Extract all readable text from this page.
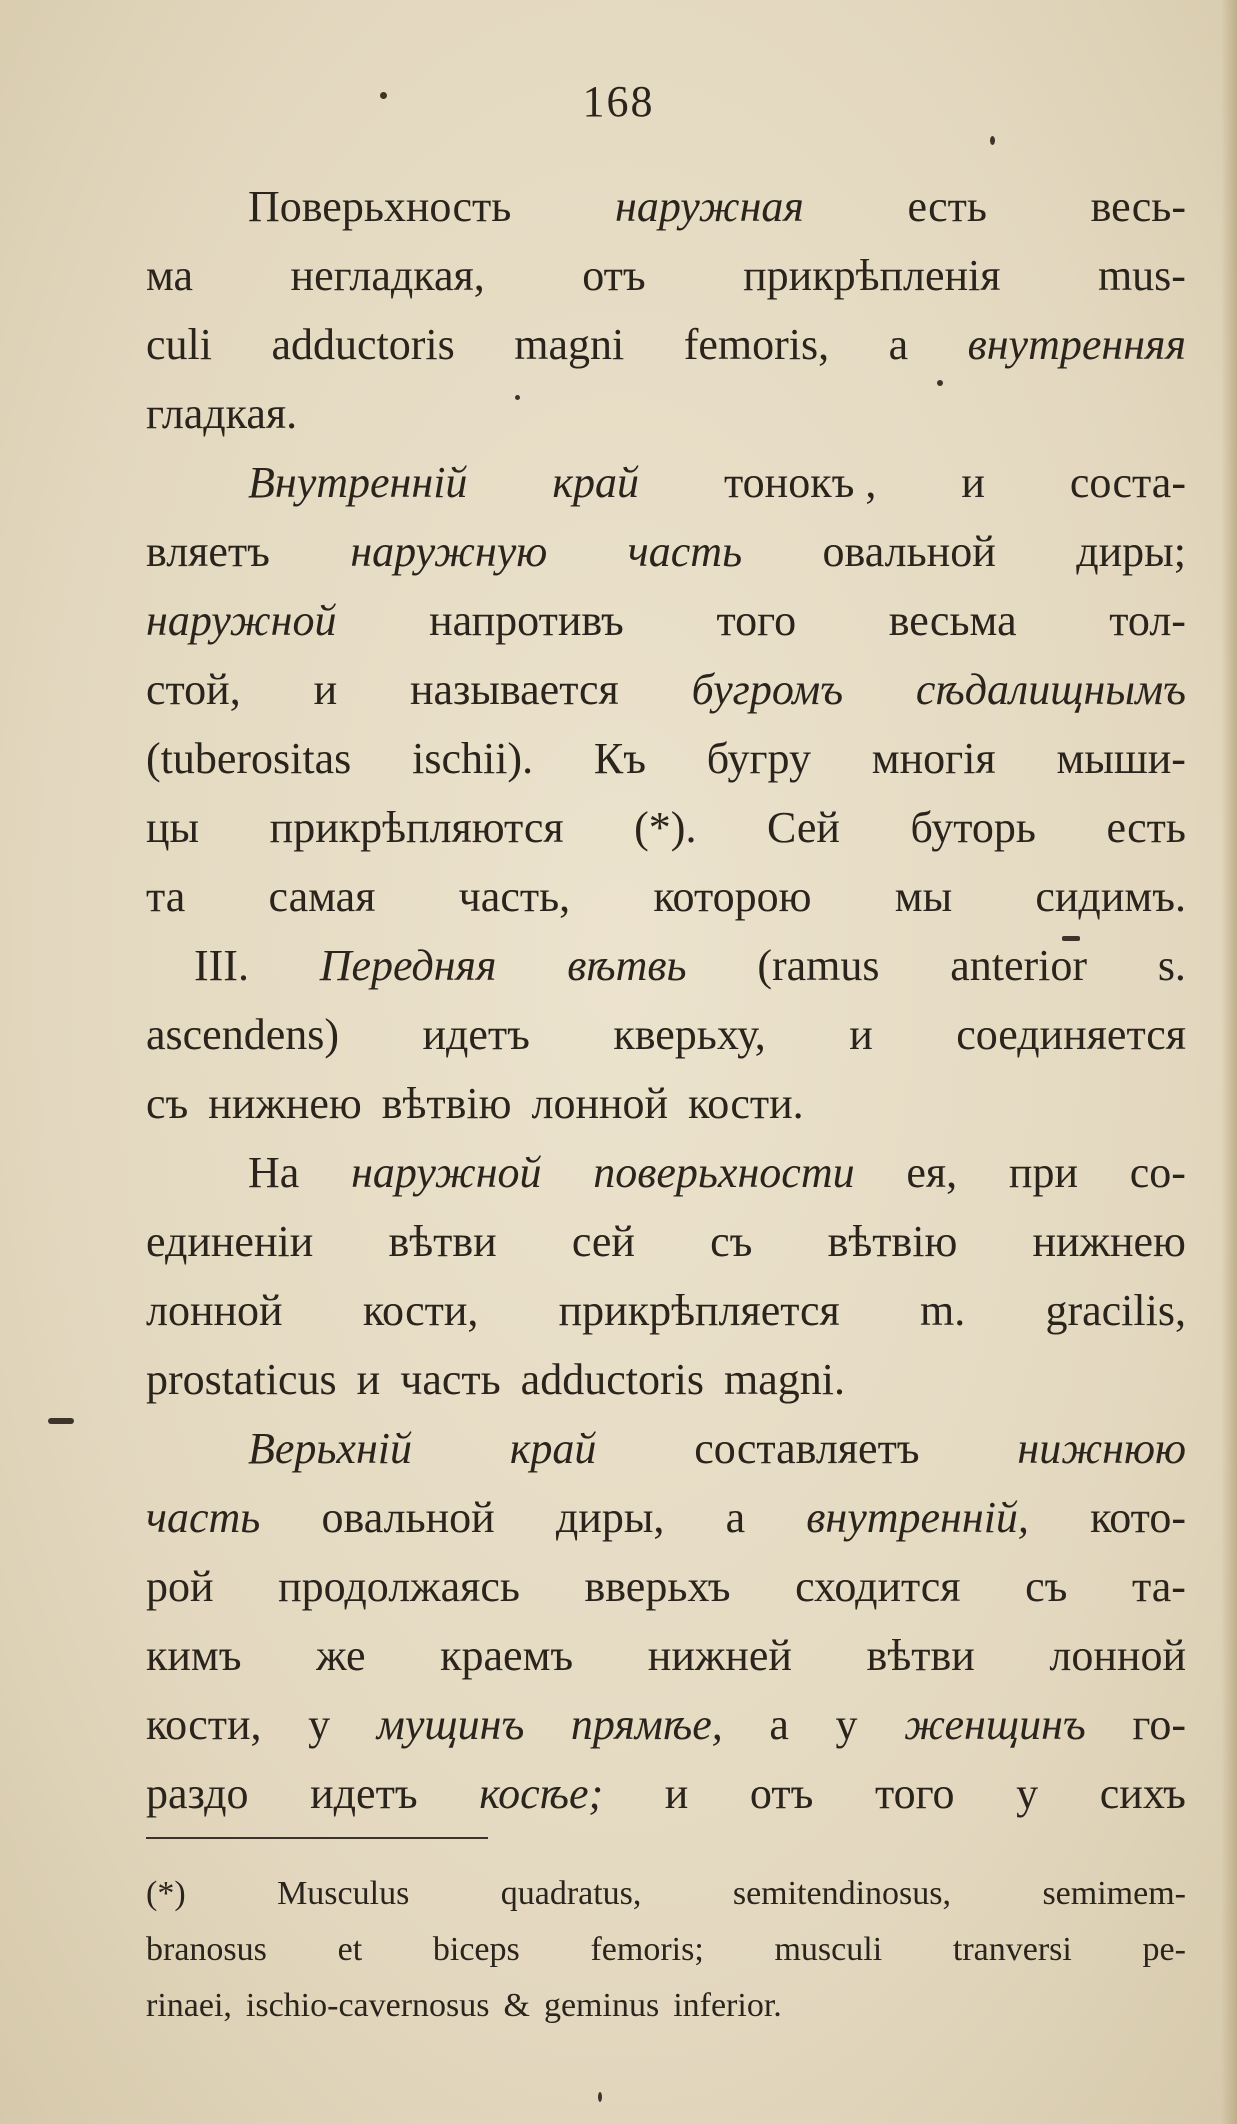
168
Поверьхность наружная есть весь-
ма негладкая, отъ прикрѣпленія mus-
culi adductoris magni femoris, а внутренняя
гладкая.
Внутренній край тонокъ , и соста-
вляетъ наружную часть овальной диры;
наружной напротивъ того весьма тол-
стой, и называется бугромъ сѣдалищнымъ
(tuberositas ischii). Къ бугру многія мыши-
цы прикрѣпляются (*). Сей буторь есть
та самая часть, которою мы сидимъ.
III. Передняя вѣтвь (ramus anterior s.
ascendens) идетъ кверьху, и соединяется
съ нижнею вѣтвію лонной кости.
На наружной поверьхности ея, при со-
единеніи вѣтви сей съ вѣтвію нижнею
лонной кости, прикрѣпляется m. gracilis,
prostaticus и часть adductoris magni.
Верьхній край составляетъ нижнюю
часть овальной диры, а внутренній, кото-
рой продолжаясь вверьхъ сходится съ та-
кимъ же краемъ нижней вѣтви лонной
кости, у мущинъ прямѣе, а у женщинъ го-
раздо идетъ косѣе; и отъ того у сихъ
(*)	Musculus	quadratus,	semitendinosus,	semimem-
branosus et biceps femoris; musculi tranversi pe-
rinaei, ischio-cavernosus & geminus inferior.
